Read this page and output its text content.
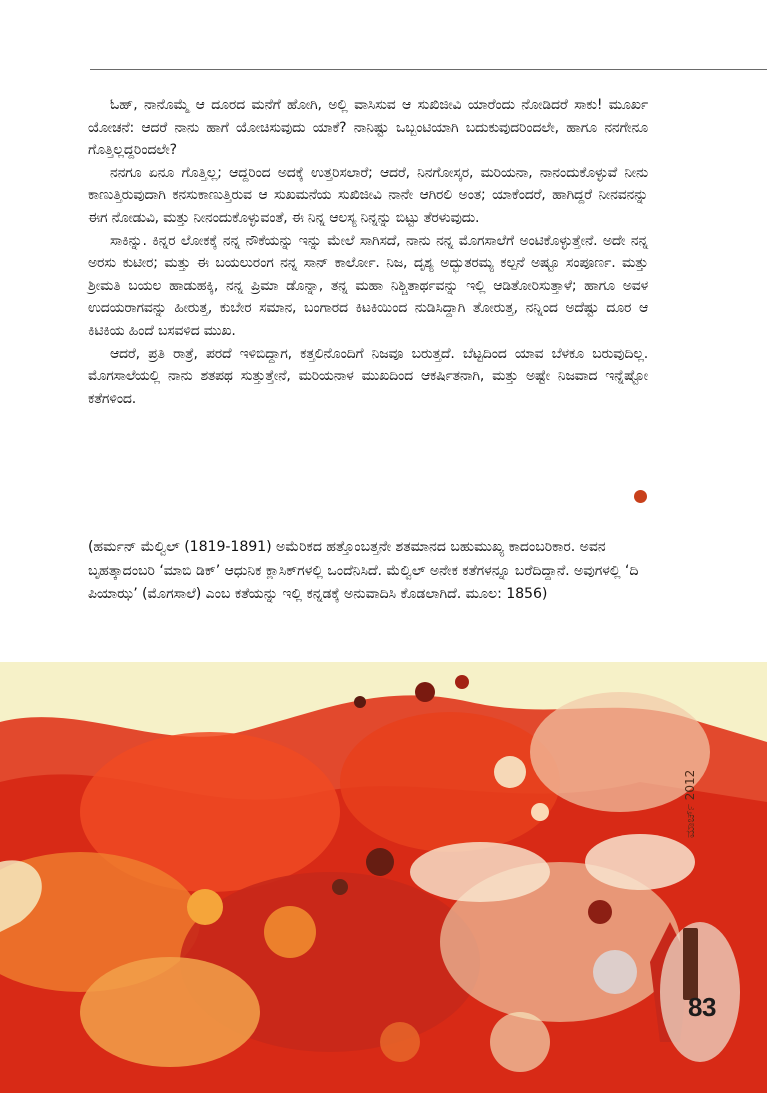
ಓಹ್, ನಾನೊಮ್ಮೆ ಆ ದೂರದ ಮನೆಗೆ ಹೋಗಿ, ಅಲ್ಲಿ ವಾಸಿಸುವ ಆ ಸುಖಿಜೀವಿ ಯಾರೆಂದು ನೋಡಿದರೆ ಸಾಕು! ಮೂರ್ಖ ಯೋಚನೆ: ಆದರೆ ನಾನು ಹಾಗೆ ಯೋಚಿಸುವುದು ಯಾಕೆ? ನಾನಿಷ್ಟು ಒಬ್ಬಂಟಿಯಾಗಿ ಬದುಕುವುದರಿಂದಲೇ, ಹಾಗೂ ನನಗೇನೂ ಗೊತ್ತಿಲ್ಲದ್ದರಿಂದಲೇ?

ನನಗೂ ಏನೂ ಗೊತ್ತಿಲ್ಲ; ಆದ್ದರಿಂದ ಅದಕ್ಕೆ ಉತ್ತರಿಸಲಾರೆ; ಆದರೆ, ನಿನಗೋಸ್ಕರ, ಮರಿಯನಾ, ನಾನಂದುಕೊಳ್ಳುವೆ ನೀನು ಕಾಣುತ್ತಿರುವುದಾಗಿ ಕನಸುಕಾಣುತ್ತಿರುವ ಆ ಸುಖಮನೆಯ ಸುಖಿಜೀವಿ ನಾನೇ ಆಗಿರಲಿ ಅಂತ; ಯಾಕೆಂದರೆ, ಹಾಗಿದ್ದರೆ ನೀನವನನ್ನು ಈಗ ನೋಡುವಿ, ಮತ್ತು ನೀನಂದುಕೊಳ್ಳುವಂತೆ, ಈ ನಿನ್ನ ಆಲಸ್ಯ ನಿನ್ನನ್ನು ಬಿಟ್ಟು ತೆರಳುವುದು.

ಸಾಕಿನ್ನು. ಕಿನ್ನರ ಲೋಕಕ್ಕೆ ನನ್ನ ನೌಕೆಯನ್ನು ಇನ್ನು ಮೇಲೆ ಸಾಗಿಸದೆ, ನಾನು ನನ್ನ ಮೊಗಸಾಲೆಗೆ ಅಂಟಿಕೊಳ್ಳುತ್ತೇನೆ. ಅದೇ ನನ್ನ ಅರಸು ಕುಟೀರ; ಮತ್ತು ಈ ಬಯಲುರಂಗ ನನ್ನ ಸಾನ್ ಕಾರ್ಲೋ. ನಿಜ, ದೃಶ್ಯ ಅದ್ಭುತರಮ್ಯ ಕಲ್ಪನೆ ಅಷ್ಟೂ ಸಂಪೂರ್ಣ. ಮತ್ತು ಶ್ರೀಮತಿ ಬಯಲ ಹಾಡುಹಕ್ಕಿ, ನನ್ನ ಪ್ರಿಮಾ ಡೊನ್ನಾ, ತನ್ನ ಮಹಾ ನಿಶ್ಚಿತಾರ್ಥವನ್ನು ಇಲ್ಲಿ ಆಡಿತೋರಿಸುತ್ತಾಳೆ; ಹಾಗೂ ಅವಳ ಉದಯರಾಗವನ್ನು ಹೀರುತ್ತ, ಕುಬೇರ ಸಮಾನ, ಬಂಗಾರದ ಕಿಟಕಿಯಿಂದ ನುಡಿಸಿದ್ದಾಗಿ ತೋರುತ್ತ, ನನ್ನಿಂದ ಅದೆಷ್ಟು ದೂರ ಆ ಕಿಟಿಕಿಯ ಹಿಂದೆ ಬಸವಳಿದ ಮುಖ.

ಆದರೆ, ಪ್ರತಿ ರಾತ್ರೆ, ಪರದೆ ಇಳಿಬಿದ್ದಾಗ, ಕತ್ತಲಿನೊಂದಿಗೆ ನಿಜವೂ ಬರುತ್ತದೆ. ಬೆಟ್ಟದಿಂದ ಯಾವ ಬೆಳಕೂ ಬರುವುದಿಲ್ಲ. ಮೊಗಸಾಲೆಯಲ್ಲಿ ನಾನು ಶತಪಥ ಸುತ್ತುತ್ತೇನೆ, ಮರಿಯನಾಳ ಮುಖದಿಂದ ಆಕರ್ಷಿತನಾಗಿ, ಮತ್ತು ಅಷ್ಟೇ ನಿಜವಾದ ಇನ್ನೆಷ್ಟೋ ಕತೆಗಳಿಂದ.

(ಹರ್ಮನ್ ಮೆಲ್ವಿಲ್ (1819-1891) ಅಮೆರಿಕದ ಹತ್ತೊಂಬತ್ತನೇ ಶತಮಾನದ ಬಹುಮುಖ್ಯ ಕಾದಂಬರಿಕಾರ. ಅವನ ಬೃಹತ್ಕಾದಂಬರಿ ‘ಮಾಬಿ ಡಿಕ್’ ಆಧುನಿಕ ಕ್ಲಾಸಿಕ್‌ಗಳಲ್ಲಿ ಒಂದೆನಿಸಿದೆ. ಮೆಲ್ವಿಲ್ ಅನೇಕ ಕತೆಗಳನ್ನೂ ಬರೆದಿದ್ದಾನೆ. ಅವುಗಳಲ್ಲಿ ‘ದಿ ಪಿಯಾಝ’ (ಮೊಗಸಾಲೆ) ಎಂಬ ಕತೆಯನ್ನು ಇಲ್ಲಿ ಕನ್ನಡಕ್ಕೆ ಅನುವಾದಿಸಿ ಕೊಡಲಾಗಿದೆ. ಮೂಲ: 1856)
ಮಾರ್ಚ್ 2012
83
